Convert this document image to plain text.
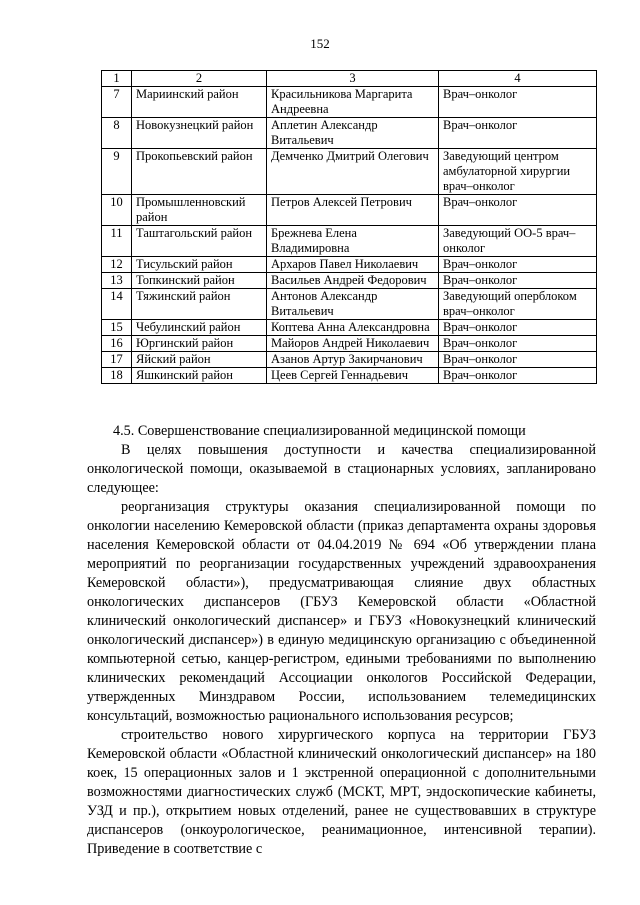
152
1	2	3	4
7	Мариинский район	Красильникова Маргарита Андреевна	Врач–онколог
8	Новокузнецкий район	Аплетин Александр Витальевич	Врач–онколог
9	Прокопьевский район	Демченко Дмитрий Олегович	Заведующий центром амбулаторной хирургии врач–онколог
10	Промышленновский район	Петров Алексей Петрович	Врач–онколог
11	Таштагольский район	Брежнева Елена Владимировна	Заведующий ОО-5 врач–онколог
12	Тисульский район	Архаров Павел Николаевич	Врач–онколог
13	Топкинский район	Васильев Андрей Федорович	Врач–онколог
14	Тяжинский район	Антонов Александр Витальевич	Заведующий оперблоком врач–онколог
15	Чебулинский район	Коптева Анна Александровна	Врач–онколог
16	Юргинский район	Майоров Андрей Николаевич	Врач–онколог
17	Яйский район	Азанов Артур Закирчанович	Врач–онколог
18	Яшкинский район	Цеев Сергей Геннадьевич	Врач–онколог

4.5. Совершенствование специализированной медицинской помощи

В целях повышения доступности и качества специализированной онкологической помощи, оказываемой в стационарных условиях, запланировано следующее:

реорганизация структуры оказания специализированной помощи по онкологии населению Кемеровской области (приказ департамента охраны здоровья населения Кемеровской области от 04.04.2019 № 694 «Об утверждении плана мероприятий по реорганизации государственных учреждений здравоохранения Кемеровской области»), предусматривающая слияние двух областных онкологических диспансеров (ГБУЗ Кемеровской области «Областной клинический онкологический диспансер» и ГБУЗ «Новокузнецкий клинический онкологический диспансер») в единую медицинскую организацию с объединенной компьютерной сетью, канцер-регистром, едиными требованиями по выполнению клинических рекомендаций Ассоциации онкологов Российской Федерации, утвержденных Минздравом России, использованием телемедицинских консультаций, возможностью рационального использования ресурсов;

строительство нового хирургического корпуса на территории ГБУЗ Кемеровской области «Областной клинический онкологический диспансер» на 180 коек, 15 операционных залов и 1 экстренной операционной с дополнительными возможностями диагностических служб (МСКТ, МРТ, эндоскопические кабинеты, УЗД и пр.), открытием новых отделений, ранее не существовавших в структуре диспансеров (онкоурологическое, реанимационное, интенсивной терапии). Приведение в соответствие с
